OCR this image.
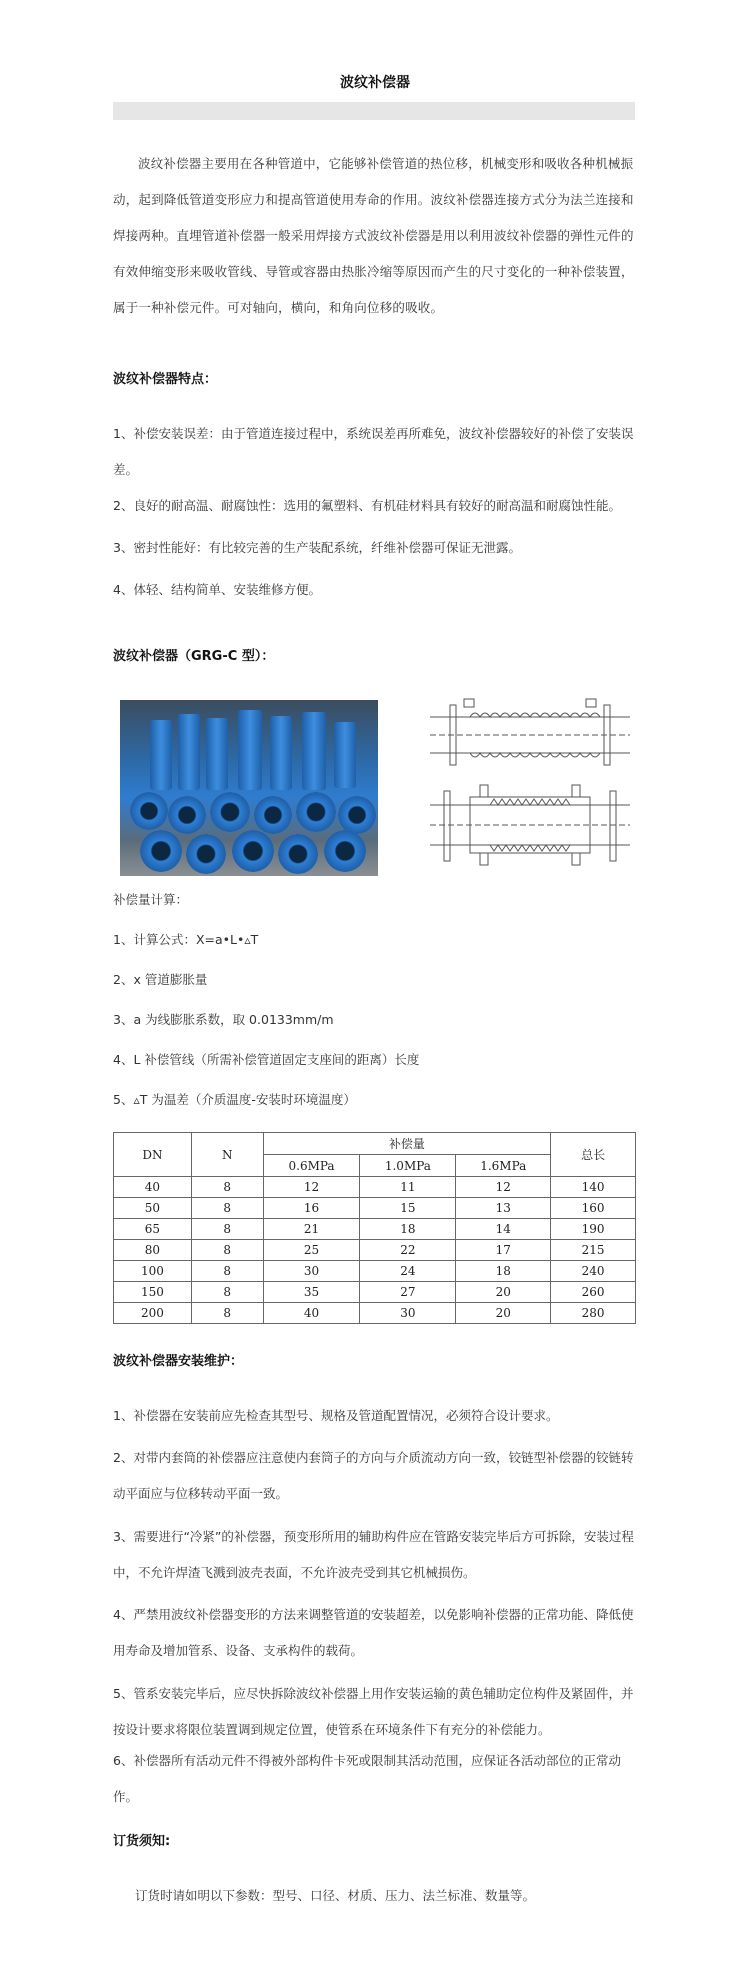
波纹补偿器
波纹补偿器主要用在各种管道中，它能够补偿管道的热位移，机械变形和吸收各种机械振动，起到降低管道变形应力和提高管道使用寿命的作用。波纹补偿器连接方式分为法兰连接和焊接两种。直埋管道补偿器一般采用焊接方式波纹补偿器是用以利用波纹补偿器的弹性元件的有效伸缩变形来吸收管线、导管或容器由热胀冷缩等原因而产生的尺寸变化的一种补偿装置，属于一种补偿元件。可对轴向，横向，和角向位移的吸收。
波纹补偿器特点：
1、补偿安装误差：由于管道连接过程中，系统误差再所难免，波纹补偿器较好的补偿了安装误差。
2、良好的耐高温、耐腐蚀性：选用的氟塑料、有机硅材料具有较好的耐高温和耐腐蚀性能。
3、密封性能好：有比较完善的生产装配系统，纤维补偿器可保证无泄露。
4、体轻、结构简单、安装维修方便。
波纹补偿器（GRG-C 型）：
补偿量计算：
1、计算公式：X=a•L•▵T
2、x 管道膨胀量
3、a 为线膨胀系数，取 0.0133mm/m
4、L 补偿管线（所需补偿管道固定支座间的距离）长度
5、▵T 为温差（介质温度-安装时环境温度）
DN	N	补偿量			总长
		0.6MPa	1.0MPa	1.6MPa	
40	8	12	11	12	140
50	8	16	15	13	160
65	8	21	18	14	190
80	8	25	22	17	215
100	8	30	24	18	240
150	8	35	27	20	260
200	8	40	30	20	280
波纹补偿器安装维护：
1、补偿器在安装前应先检查其型号、规格及管道配置情况，必须符合设计要求。
2、对带内套筒的补偿器应注意使内套筒子的方向与介质流动方向一致，铰链型补偿器的铰链转动平面应与位移转动平面一致。
3、需要进行“冷紧”的补偿器，预变形所用的辅助构件应在管路安装完毕后方可拆除，安装过程中，不允许焊渣飞溅到波壳表面，不允许波壳受到其它机械损伤。
4、严禁用波纹补偿器变形的方法来调整管道的安装超差，以免影响补偿器的正常功能、降低使用寿命及增加管系、设备、支承构件的载荷。
5、管系安装完毕后，应尽快拆除波纹补偿器上用作安装运输的黄色辅助定位构件及紧固件，并按设计要求将限位装置调到规定位置，使管系在环境条件下有充分的补偿能力。
6、补偿器所有活动元件不得被外部构件卡死或限制其活动范围，应保证各活动部位的正常动作。
订货须知:
订货时请如明以下参数：型号、口径、材质、压力、法兰标准、数量等。
